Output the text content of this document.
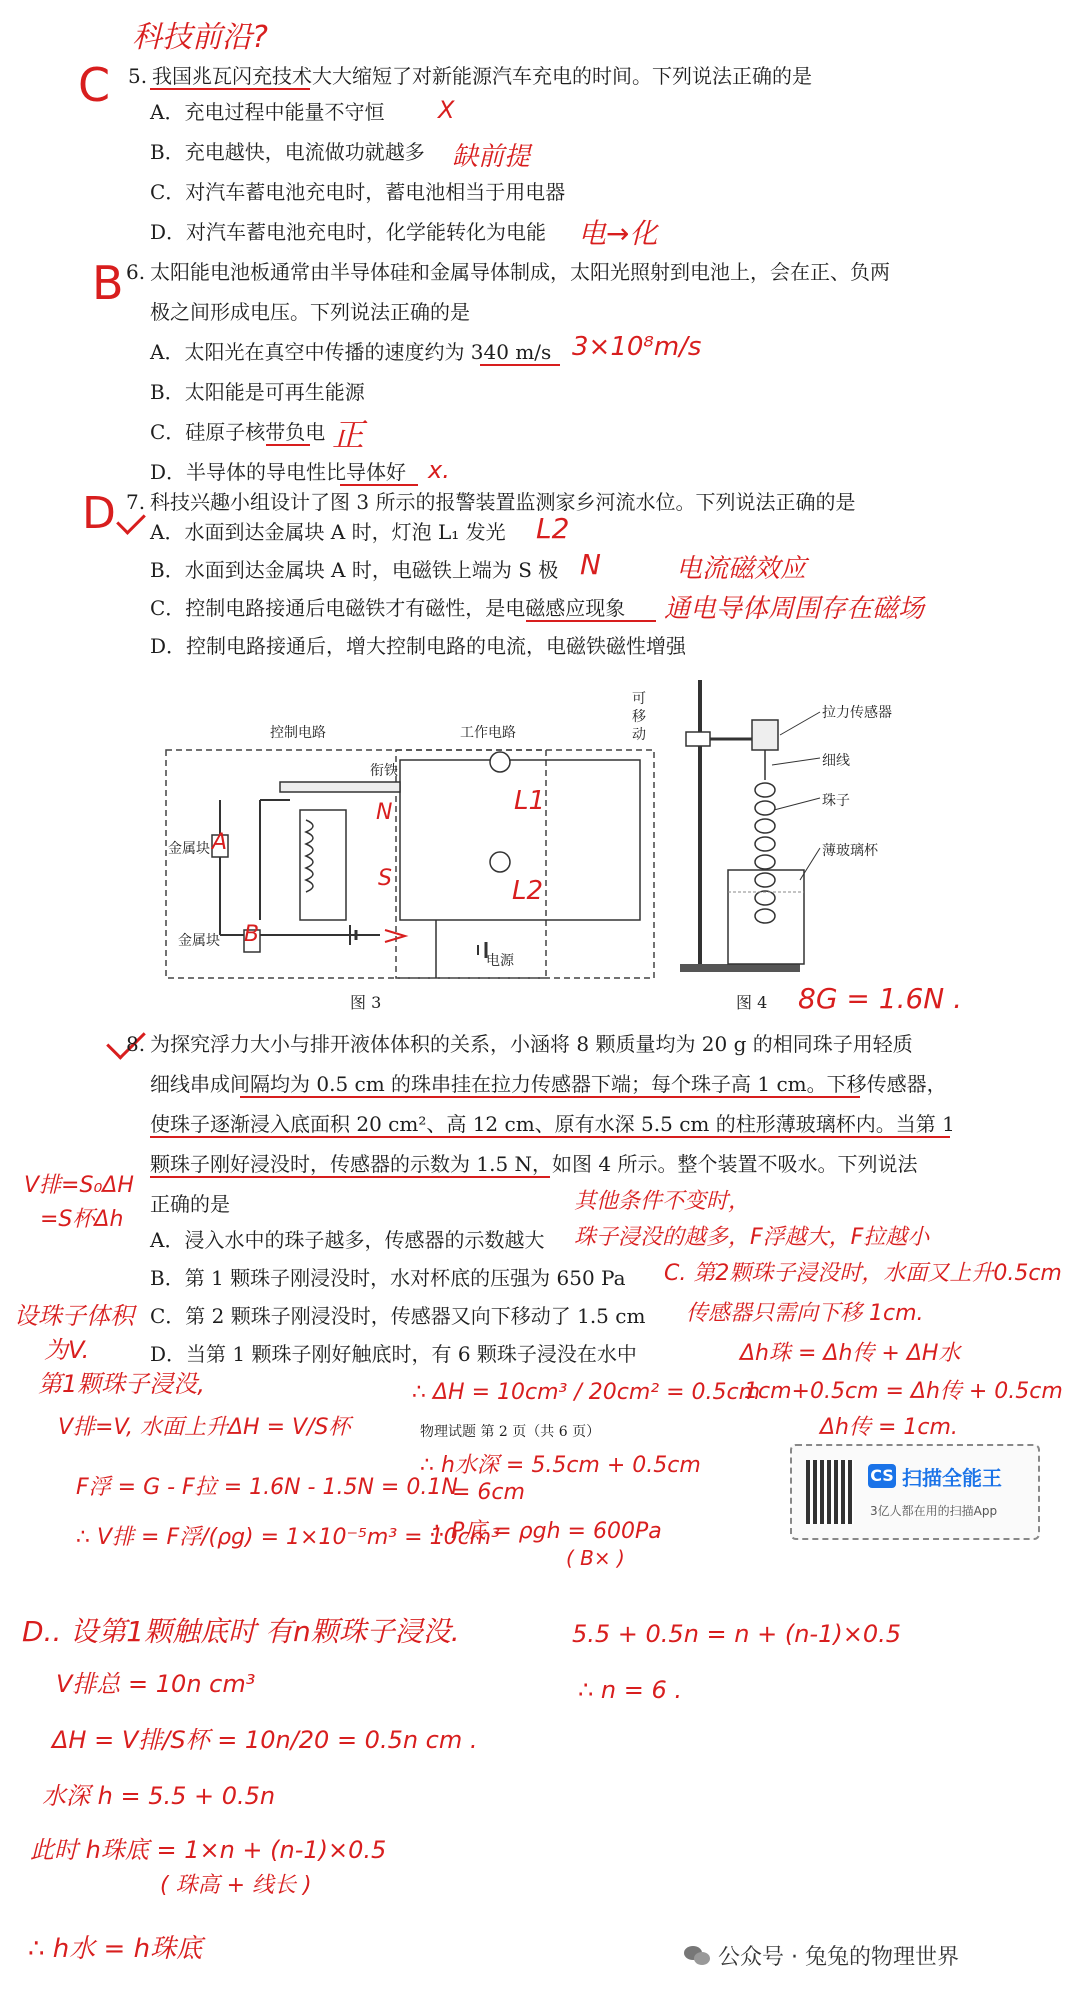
科技前沿?
C 5. 我国兆瓦闪充技术大大缩短了对新能源汽车充电的时间。下列说法正确的是
A．充电过程中能量不守恒 X
B．充电越快，电流做功就越多 缺前提
C．对汽车蓄电池充电时，蓄电池相当于用电器
D．对汽车蓄电池充电时，化学能转化为电能 电→化
B 6. 太阳能电池板通常由半导体硅和金属导体制成，太阳光照射到电池上，会在正、负两
极之间形成电压。下列说法正确的是
A．太阳光在真空中传播的速度约为 340 m/s 3×10⁸m/s
B．太阳能是可再生能源
C．硅原子核带负电 正
D．半导体的导电性比导体好 x.
D 7. 科技兴趣小组设计了图 3 所示的报警装置监测家乡河流水位。下列说法正确的是
A．水面到达金属块 A 时，灯泡 L₁ 发光 L2
B．水面到达金属块 A 时，电磁铁上端为 S 极 N	电流磁效应
C．控制电路接通后电磁铁才有磁性，是电磁感应现象 通电导体周围存在磁场
D．控制电路接通后，增大控制电路的电流，电磁铁磁性增强
控制电路	工作电路
衔铁
金属块
金属块
电源
A
B
N
S
L1
L2
图 3
可移动
拉力传感器
细线
珠子
薄玻璃杯
图 4 8G = 1.6N .
8. 为探究浮力大小与排开液体体积的关系，小涵将 8 颗质量均为 20 g 的相同珠子用轻质
细线串成间隔均为 0.5 cm 的珠串挂在拉力传感器下端；每个珠子高 1 cm。下移传感器，
使珠子逐渐浸入底面积 20 cm²、高 12 cm、原有水深 5.5 cm 的柱形薄玻璃杯内。当第 1
颗珠子刚好浸没时，传感器的示数为 1.5 N，如图 4 所示。整个装置不吸水。下列说法
正确的是	其他条件不变时，
A．浸入水中的珠子越多，传感器的示数越大 珠子浸没的越多，F浮越大，F拉越小
B．第 1 颗珠子刚浸没时，水对杯底的压强为 650 Pa C. 第2颗珠子浸没时，水面又上升0.5cm
C．第 2 颗珠子刚浸没时，传感器又向下移动了 1.5 cm 传感器只需向下移 1cm.
D．当第 1 颗珠子刚好触底时，有 6 颗珠子浸没在水中	Δh珠 = Δh传 + ΔH水
1cm+0.5cm = Δh传 + 0.5cm
Δh传 = 1cm.
V排=S₀ΔH
=S杯Δh
设珠子体积
为V.
第1颗珠子浸没,
V排=V, 水面上升ΔH = V/S杯
F浮 = G - F拉 = 1.6N - 1.5N = 0.1N
∴ V排 = F浮/(ρg) = 1×10⁻⁵m³ = 10cm³
∴ ΔH = 10cm³ / 20cm² = 0.5cm
物理试题 第 2 页（共 6 页）
∴ h水深 = 5.5cm + 0.5cm
= 6cm
∴ P底 = ρgh = 600Pa
( B× )
CS 扫描全能王
3亿人都在用的扫描App
D.. 设第1颗触底时 有n颗珠子浸没.
V排总 = 10n cm³
ΔH = V排/S杯 = 10n/20 = 0.5n cm .
水深 h = 5.5 + 0.5n
此时 h珠底 = 1×n + (n-1)×0.5
( 珠高 + 线长 )
∴ h水 = h珠底
5.5 + 0.5n = n + (n-1)×0.5
∴ n = 6 .
公众号 · 兔兔的物理世界
